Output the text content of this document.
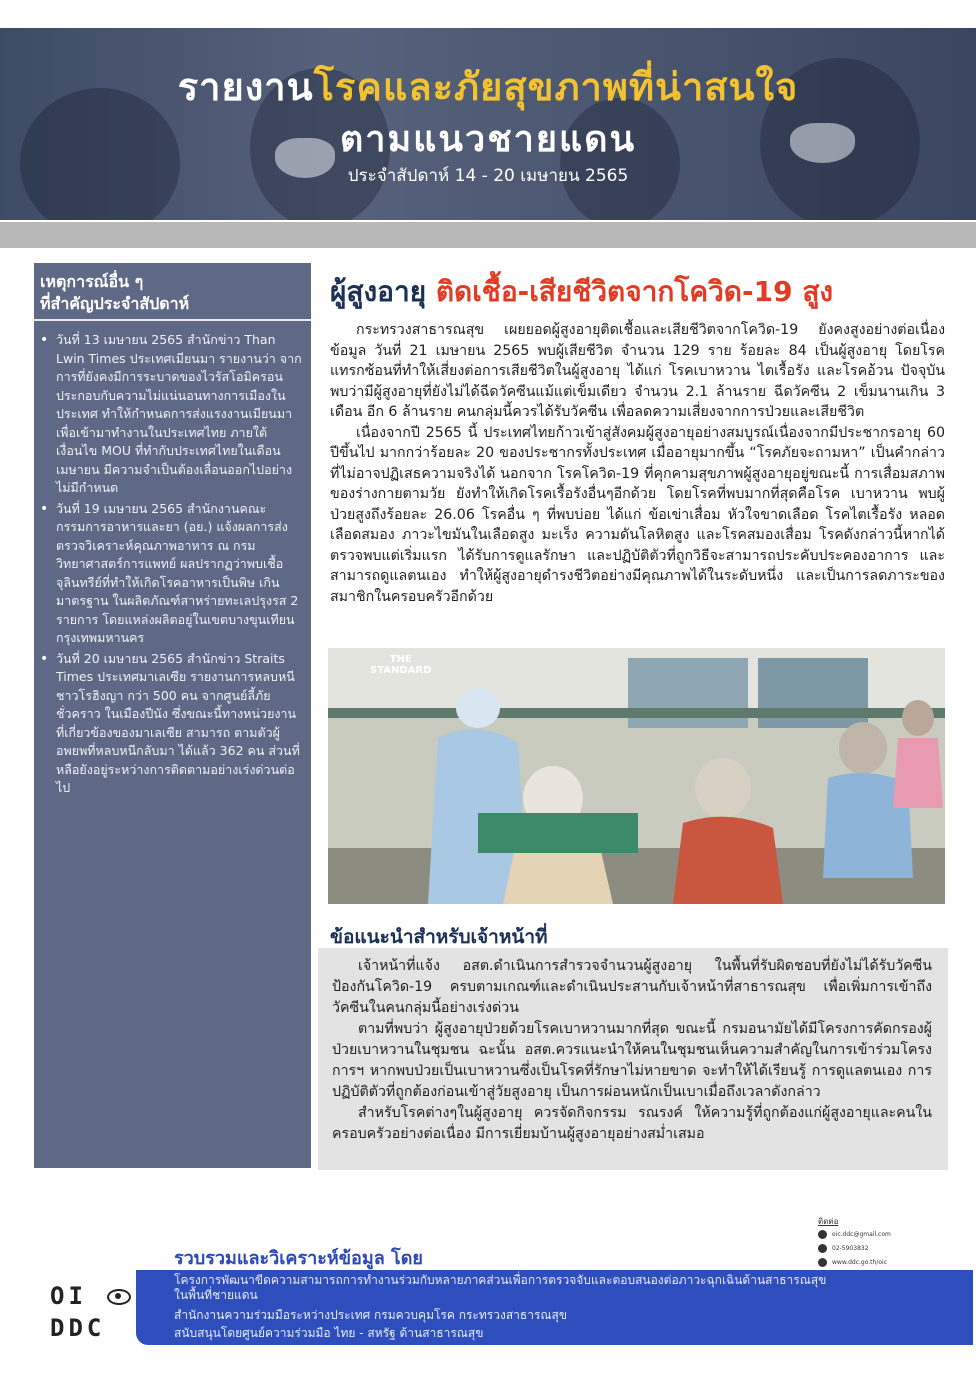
รายงานโรคและภัยสุขภาพที่น่าสนใจ
ตามแนวชายแดน
ประจำสัปดาห์ 14 - 20 เมษายน 2565
เหตุการณ์อื่น ๆ
ที่สำคัญประจำสัปดาห์
• วันที่ 13 เมษายน 2565 สำนักข่าว Than Lwin Times ประเทศเมียนมา รายงานว่า จากการที่ยังคงมีการระบาดของไวรัสโอมิครอน ประกอบกับความไม่แน่นอนทางการเมืองในประเทศ ทำให้กำหนดการส่งแรงงานเมียนมา เพื่อเข้ามาทำงานในประเทศไทย ภายใต้เงื่อนไข MOU ที่ทำกับประเทศไทยในเดือนเมษายน มีความจำเป็นต้องเลื่อนออกไปอย่างไม่มีกำหนด
• วันที่ 19 เมษายน 2565 สำนักงานคณะกรรมการอาหารและยา (อย.) แจ้งผลการส่งตรวจวิเคราะห์คุณภาพอาหาร ณ กรมวิทยาศาสตร์การแพทย์ ผลปรากฏว่าพบเชื้อจุลินทรีย์ที่ทำให้เกิดโรคอาหารเป็นพิษ เกินมาตรฐาน ในผลิตภัณฑ์สาหร่ายทะเลปรุงรส 2 รายการ โดยแหล่งผลิตอยู่ในเขตบางขุนเทียน กรุงเทพมหานคร
• วันที่ 20 เมษายน 2565 สำนักข่าว Straits Times ประเทศมาเลเซีย รายงานการหลบหนีชาวโรฮิงญา กว่า 500 คน จากศูนย์ลี้ภัยชั่วคราว ในเมืองปีนัง ซึ่งขณะนี้ทางหน่วยงาน ที่เกี่ยวข้องของมาเลเซีย สามารถ ตามตัวผู้อพยพที่หลบหนีกลับมา ได้แล้ว 362 คน ส่วนที่หลือยังอยู่ระหว่างการติดตามอย่างเร่งด่วนต่อไป
ผู้สูงอายุ ติดเชื้อ-เสียชีวิตจากโควิด-19 สูง

กระทรวงสาธารณสุข เผยยอดผู้สูงอายุติดเชื้อและเสียชีวิตจากโควิด-19 ยังคงสูงอย่างต่อเนื่อง ข้อมูล วันที่ 21 เมษายน 2565 พบผู้เสียชีวิต จำนวน 129 ราย ร้อยละ 84 เป็นผู้สูงอายุ โดยโรคแทรกซ้อนที่ทำให้เสี่ยงต่อการเสียชีวิตในผู้สูงอายุ ได้แก่ โรคเบาหวาน ไตเรื้อรัง และโรคอ้วน ปัจจุบัน พบว่ามีผู้สูงอายุที่ยังไม่ได้ฉีดวัคซีนแม้แต่เข็มเดียว จำนวน 2.1 ล้านราย ฉีดวัคซีน 2 เข็มนานเกิน 3 เดือน อีก 6 ล้านราย คนกลุ่มนี้ควรได้รับวัคซีน เพื่อลดความเสี่ยงจากการป่วยและเสียชีวิต

เนื่องจากปี 2565 นี้ ประเทศไทยก้าวเข้าสู่สังคมผู้สูงอายุอย่างสมบูรณ์เนื่องจากมีประชากรอายุ 60 ปีขึ้นไป มากกว่าร้อยละ 20 ของประชากรทั้งประเทศ เมื่ออายุมากขึ้น “โรคภัยจะถามหา” เป็นคำกล่าวที่ไม่อาจปฏิเสธความจริงได้ นอกจาก โรคโควิด-19 ที่คุกคามสุขภาพผู้สูงอายุอยู่ขณะนี้ การเสื่อมสภาพของร่างกายตามวัย ยังทำให้เกิดโรคเรื้อรังอื่นๆอีกด้วย โดยโรคที่พบมากที่สุดคือโรค เบาหวาน พบผู้ป่วยสูงถึงร้อยละ 26.06 โรคอื่น ๆ ที่พบบ่อย ได้แก่ ข้อเข่าเสื่อม หัวใจขาดเลือด โรคไตเรื้อรัง หลอดเลือดสมอง ภาวะไขมันในเลือดสูง มะเร็ง ความดันโลหิตสูง และโรคสมองเสื่อม โรคดังกล่าวนี้หากได้ตรวจพบแต่เริ่มแรก ได้รับการดูแลรักษา และปฏิบัติตัวที่ถูกวิธีจะสามารถประคับประคองอาการ และสามารถดูแลตนเอง ทำให้ผู้สูงอายุดำรงชีวิตอย่างมีคุณภาพได้ในระดับหนึ่ง และเป็นการลดภาระของสมาชิกในครอบครัวอีกด้วย

THE
STANDARD
ข้อแนะนำสำหรับเจ้าหน้าที่

เจ้าหน้าที่แจ้ง อสต.ดำเนินการสำรวจจำนวนผู้สูงอายุ ในพื้นที่รับผิดชอบที่ยังไม่ได้รับวัคซีนป้องกันโควิด-19 ครบตามเกณฑ์และดำเนินประสานกับเจ้าหน้าที่สาธารณสุข เพื่อเพิ่มการเข้าถึงวัคซีนในคนกลุ่มนี้อย่างเร่งด่วน

ตามที่พบว่า ผู้สูงอายุป่วยด้วยโรคเบาหวานมากที่สุด ขณะนี้ กรมอนามัยได้มีโครงการคัดกรองผู้ป่วยเบาหวานในชุมชน ฉะนั้น อสต.ควรแนะนำให้คนในชุมชนเห็นความสำคัญในการเข้าร่วมโครงการฯ หากพบป่วยเป็นเบาหวานซึ่งเป็นโรคที่รักษาไม่หายขาด จะทำให้ได้เรียนรู้ การดูแลตนเอง การปฏิบัติตัวที่ถูกต้องก่อนเข้าสู่วัยสูงอายุ เป็นการผ่อนหนักเป็นเบาเมื่อถึงเวลาดังกล่าว

สำหรับโรคต่างๆในผู้สูงอายุ ควรจัดกิจกรรม รณรงค์ ให้ความรู้ที่ถูกต้องแก่ผู้สูงอายุและคนในครอบครัวอย่างต่อเนื่อง มีการเยี่ยมบ้านผู้สูงอายุอย่างสม่ำเสมอ

รวบรวมและวิเคราะห์ข้อมูล โดย
ติดต่อ
oic.ddc@gmail.com
02-5903832
www.ddc.go.th/oic
โครงการพัฒนาขีดความสามารถการทำงานร่วมกับหลายภาคส่วนเพื่อการตรวจจับและตอบสนองต่อภาวะฉุกเฉินด้านสาธารณสุข
ในพื้นที่ชายแดน
สำนักงานความร่วมมือระหว่างประเทศ กรมควบคุมโรค กระทรวงสาธารณสุข
สนับสนุนโดยศูนย์ความร่วมมือ ไทย - สหรัฐ ด้านสาธารณสุข
OI

DDC
